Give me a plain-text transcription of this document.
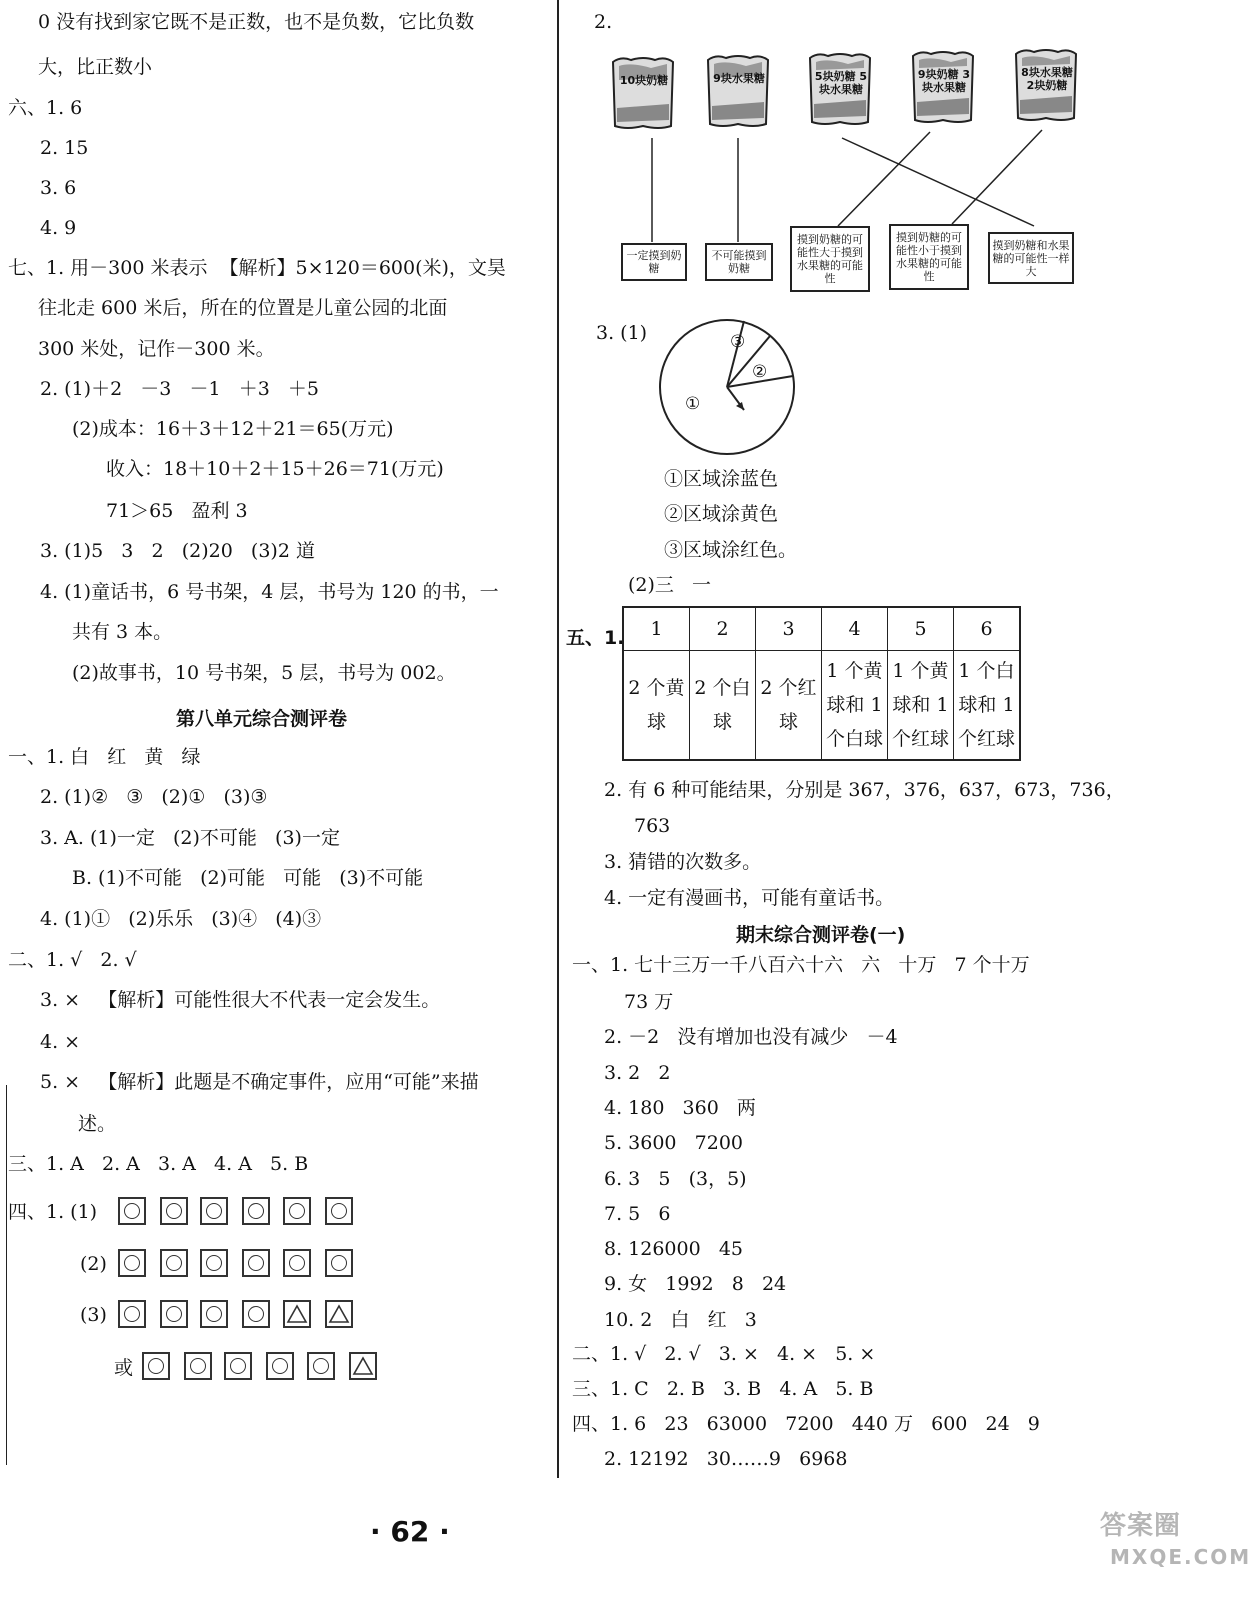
0 没有找到家它既不是正数，也不是负数，它比负数
大，比正数小
六、1. 6
2. 15
3. 6
4. 9
七、1. 用－300 米表示  【解析】5×120＝600(米)，文昊
往北走 600 米后，所在的位置是儿童公园的北面
300 米处，记作－300 米。
2. (1)＋2   －3   －1   ＋3   ＋5
(2)成本：16＋3＋12＋21＝65(万元)
收入：18＋10＋2＋15＋26＝71(万元)
71＞65   盈利 3
3. (1)5   3   2   (2)20   (3)2 道
4. (1)童话书，6 号书架，4 层，书号为 120 的书，一
共有 3 本。
(2)故事书，10 号书架，5 层，书号为 002。
第八单元综合测评卷
一、1. 白   红   黄   绿
2. (1)②   ③   (2)①   (3)③
3. A. (1)一定   (2)不可能   (3)一定
B. (1)不可能   (2)可能   可能   (3)不可能
4. (1)①   (2)乐乐   (3)④   (4)③
二、1. √   2. √
3. ×   【解析】可能性很大不代表一定会发生。
4. ×
5. ×   【解析】此题是不确定事件，应用“可能”来描
述。
三、1. A   2. A   3. A   4. A   5. B
四、1. (1)
(2)
(3)
或
2.
10块奶糖	9块水果糖	5块奶糖 5块水果糖
9块奶糖 3块水果糖
8块水果糖 2块奶糖
一定摸到奶糖
不可能摸到奶糖
摸到奶糖的可能性大于摸到水果糖的可能性
摸到奶糖的可能性小于摸到水果糖的可能性
摸到奶糖和水果糖的可能性一样大
3. (1)
①
②
③
①区域涂蓝色
②区域涂黄色
③区域涂红色。
(2)三   一
五、1. 1	2	3	4	5	6
2 个黄球	2 个白球	2 个红球	1 个黄球和 1 个白球	1 个黄球和 1 个红球	1 个白球和 1 个红球
2. 有 6 种可能结果，分别是 367，376，637，673，736，
763
3. 猜错的次数多。
4. 一定有漫画书，可能有童话书。
期末综合测评卷(一)
一、1. 七十三万一千八百六十六   六   十万   7 个十万
73 万
2. －2   没有增加也没有减少   －4
3. 2   2
4. 180   360   两
5. 3600   7200
6. 3   5   (3，5)
7. 5   6
8. 126000   45
9. 女   1992   8   24
10. 2   白   红   3
二、1. √   2. √   3. ×   4. ×   5. ×
三、1. C   2. B   3. B   4. A   5. B
四、1. 6   23   63000   7200   440 万   600   24   9
2. 12192   30……9   6968
· 62 ·	答案圈
MXQE.COM
